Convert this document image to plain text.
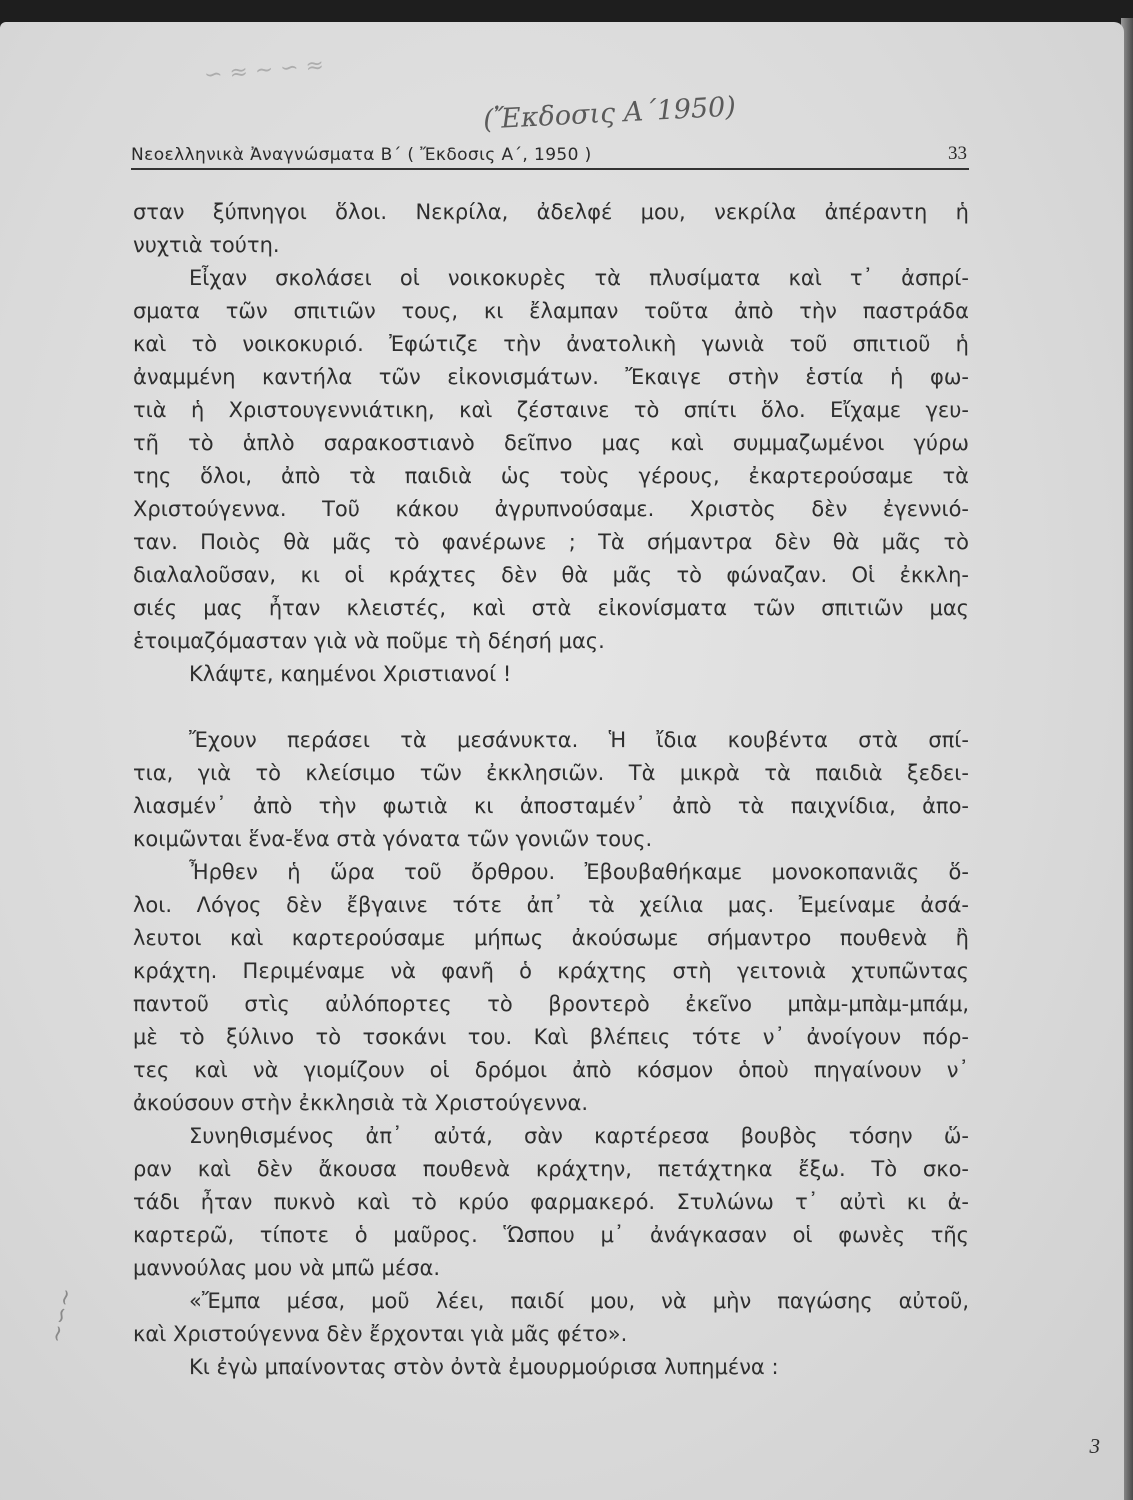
∽ ≈ ∼ ∽ ≈
(Ἔκδοσις Α΄1950)
Νεοελληνικὰ Ἀναγνώσματα Β΄ ( Ἔκδοσις Α΄, 1950 )	33
∼∽∼
σταν ξύπνηγοι ὅλοι. Νεκρίλα, ἀδελφέ μου, νεκρίλα ἀπέραντη ἡ
νυχτιὰ τούτη.
Εἶχαν σκολάσει οἱ νοικοκυρὲς τὰ πλυσίματα καὶ τ᾽ ἀσπρί-
σματα τῶν σπιτιῶν τους, κι ἔλαμπαν τοῦτα ἀπὸ τὴν παστράδα
καὶ τὸ νοικοκυριό. Ἐφώτιζε τὴν ἀνατολικὴ γωνιὰ τοῦ σπιτιοῦ ἡ
ἀναμμένη καντήλα τῶν εἰκονισμάτων. Ἔκαιγε στὴν ἑστία ἡ φω-
τιὰ ἡ Χριστουγεννιάτικη, καὶ ζέσταινε τὸ σπίτι ὅλο. Εἴχαμε γευ-
τῆ τὸ ἁπλὸ σαρακοστιανὸ δεῖπνο μας καὶ συμμαζωμένοι γύρω
της ὅλοι, ἀπὸ τὰ παιδιὰ ὡς τοὺς γέρους, ἐκαρτερούσαμε τὰ
Χριστούγεννα. Τοῦ κάκου ἀγρυπνούσαμε. Χριστὸς δὲν ἐγεννιό-
ταν. Ποιὸς θὰ μᾶς τὸ φανέρωνε ; Τὰ σήμαντρα δὲν θὰ μᾶς τὸ
διαλαλοῦσαν, κι οἱ κράχτες δὲν θὰ μᾶς τὸ φώναζαν. Οἱ ἐκκλη-
σιές μας ἦταν κλειστές, καὶ στὰ εἰκονίσματα τῶν σπιτιῶν μας
ἑτοιμαζόμασταν γιὰ νὰ ποῦμε τὴ δέησή μας.
Κλάψτε, καημένοι Χριστιανοί !
Ἔχουν περάσει τὰ μεσάνυκτα. Ἡ ἴδια κουβέντα στὰ σπί-
τια, γιὰ τὸ κλείσιμο τῶν ἐκκλησιῶν. Τὰ μικρὰ τὰ παιδιὰ ξεδει-
λιασμέν᾽ ἀπὸ τὴν φωτιὰ κι ἀποσταμέν᾽ ἀπὸ τὰ παιχνίδια, ἀπο-
κοιμῶνται ἕνα-ἕνα στὰ γόνατα τῶν γονιῶν τους.
Ἦρθεν ἡ ὥρα τοῦ ὄρθρου. Ἐβουβαθήκαμε μονοκοπανιᾶς ὅ-
λοι. Λόγος δὲν ἔβγαινε τότε ἀπ᾽ τὰ χείλια μας. Ἐμείναμε ἀσά-
λευτοι καὶ καρτερούσαμε μήπως ἀκούσωμε σήμαντρο πουθενὰ ἢ
κράχτη. Περιμέναμε νὰ φανῆ ὁ κράχτης στὴ γειτονιὰ χτυπῶντας
παντοῦ στὶς αὐλόπορτες τὸ βροντερὸ ἐκεῖνο μπὰμ-μπὰμ-μπάμ,
μὲ τὸ ξύλινο τὸ τσοκάνι του. Καὶ βλέπεις τότε ν᾽ ἀνοίγουν πόρ-
τες καὶ νὰ γιομίζουν οἱ δρόμοι ἀπὸ κόσμον ὁποὺ πηγαίνουν ν᾽
ἀκούσουν στὴν ἐκκλησιὰ τὰ Χριστούγεννα.
Συνηθισμένος ἀπ᾽ αὐτά, σὰν καρτέρεσα βουβὸς τόσην ὥ-
ραν καὶ δὲν ἄκουσα πουθενὰ κράχτην, πετάχτηκα ἔξω. Τὸ σκο-
τάδι ἦταν πυκνὸ καὶ τὸ κρύο φαρμακερό. Στυλώνω τ᾽ αὐτὶ κι ἀ-
καρτερῶ, τίποτε ὁ μαῦρος. Ὥσπου μ᾽ ἀνάγκασαν οἱ φωνὲς τῆς
μαννούλας μου νὰ μπῶ μέσα.
«Ἔμπα μέσα, μοῦ λέει, παιδί μου, νὰ μὴν παγώσης αὐτοῦ,
καὶ Χριστούγεννα δὲν ἔρχονται γιὰ μᾶς φέτο».
Κι ἐγὼ μπαίνοντας στὸν ὀντὰ ἐμουρμούρισα λυπημένα :
3
